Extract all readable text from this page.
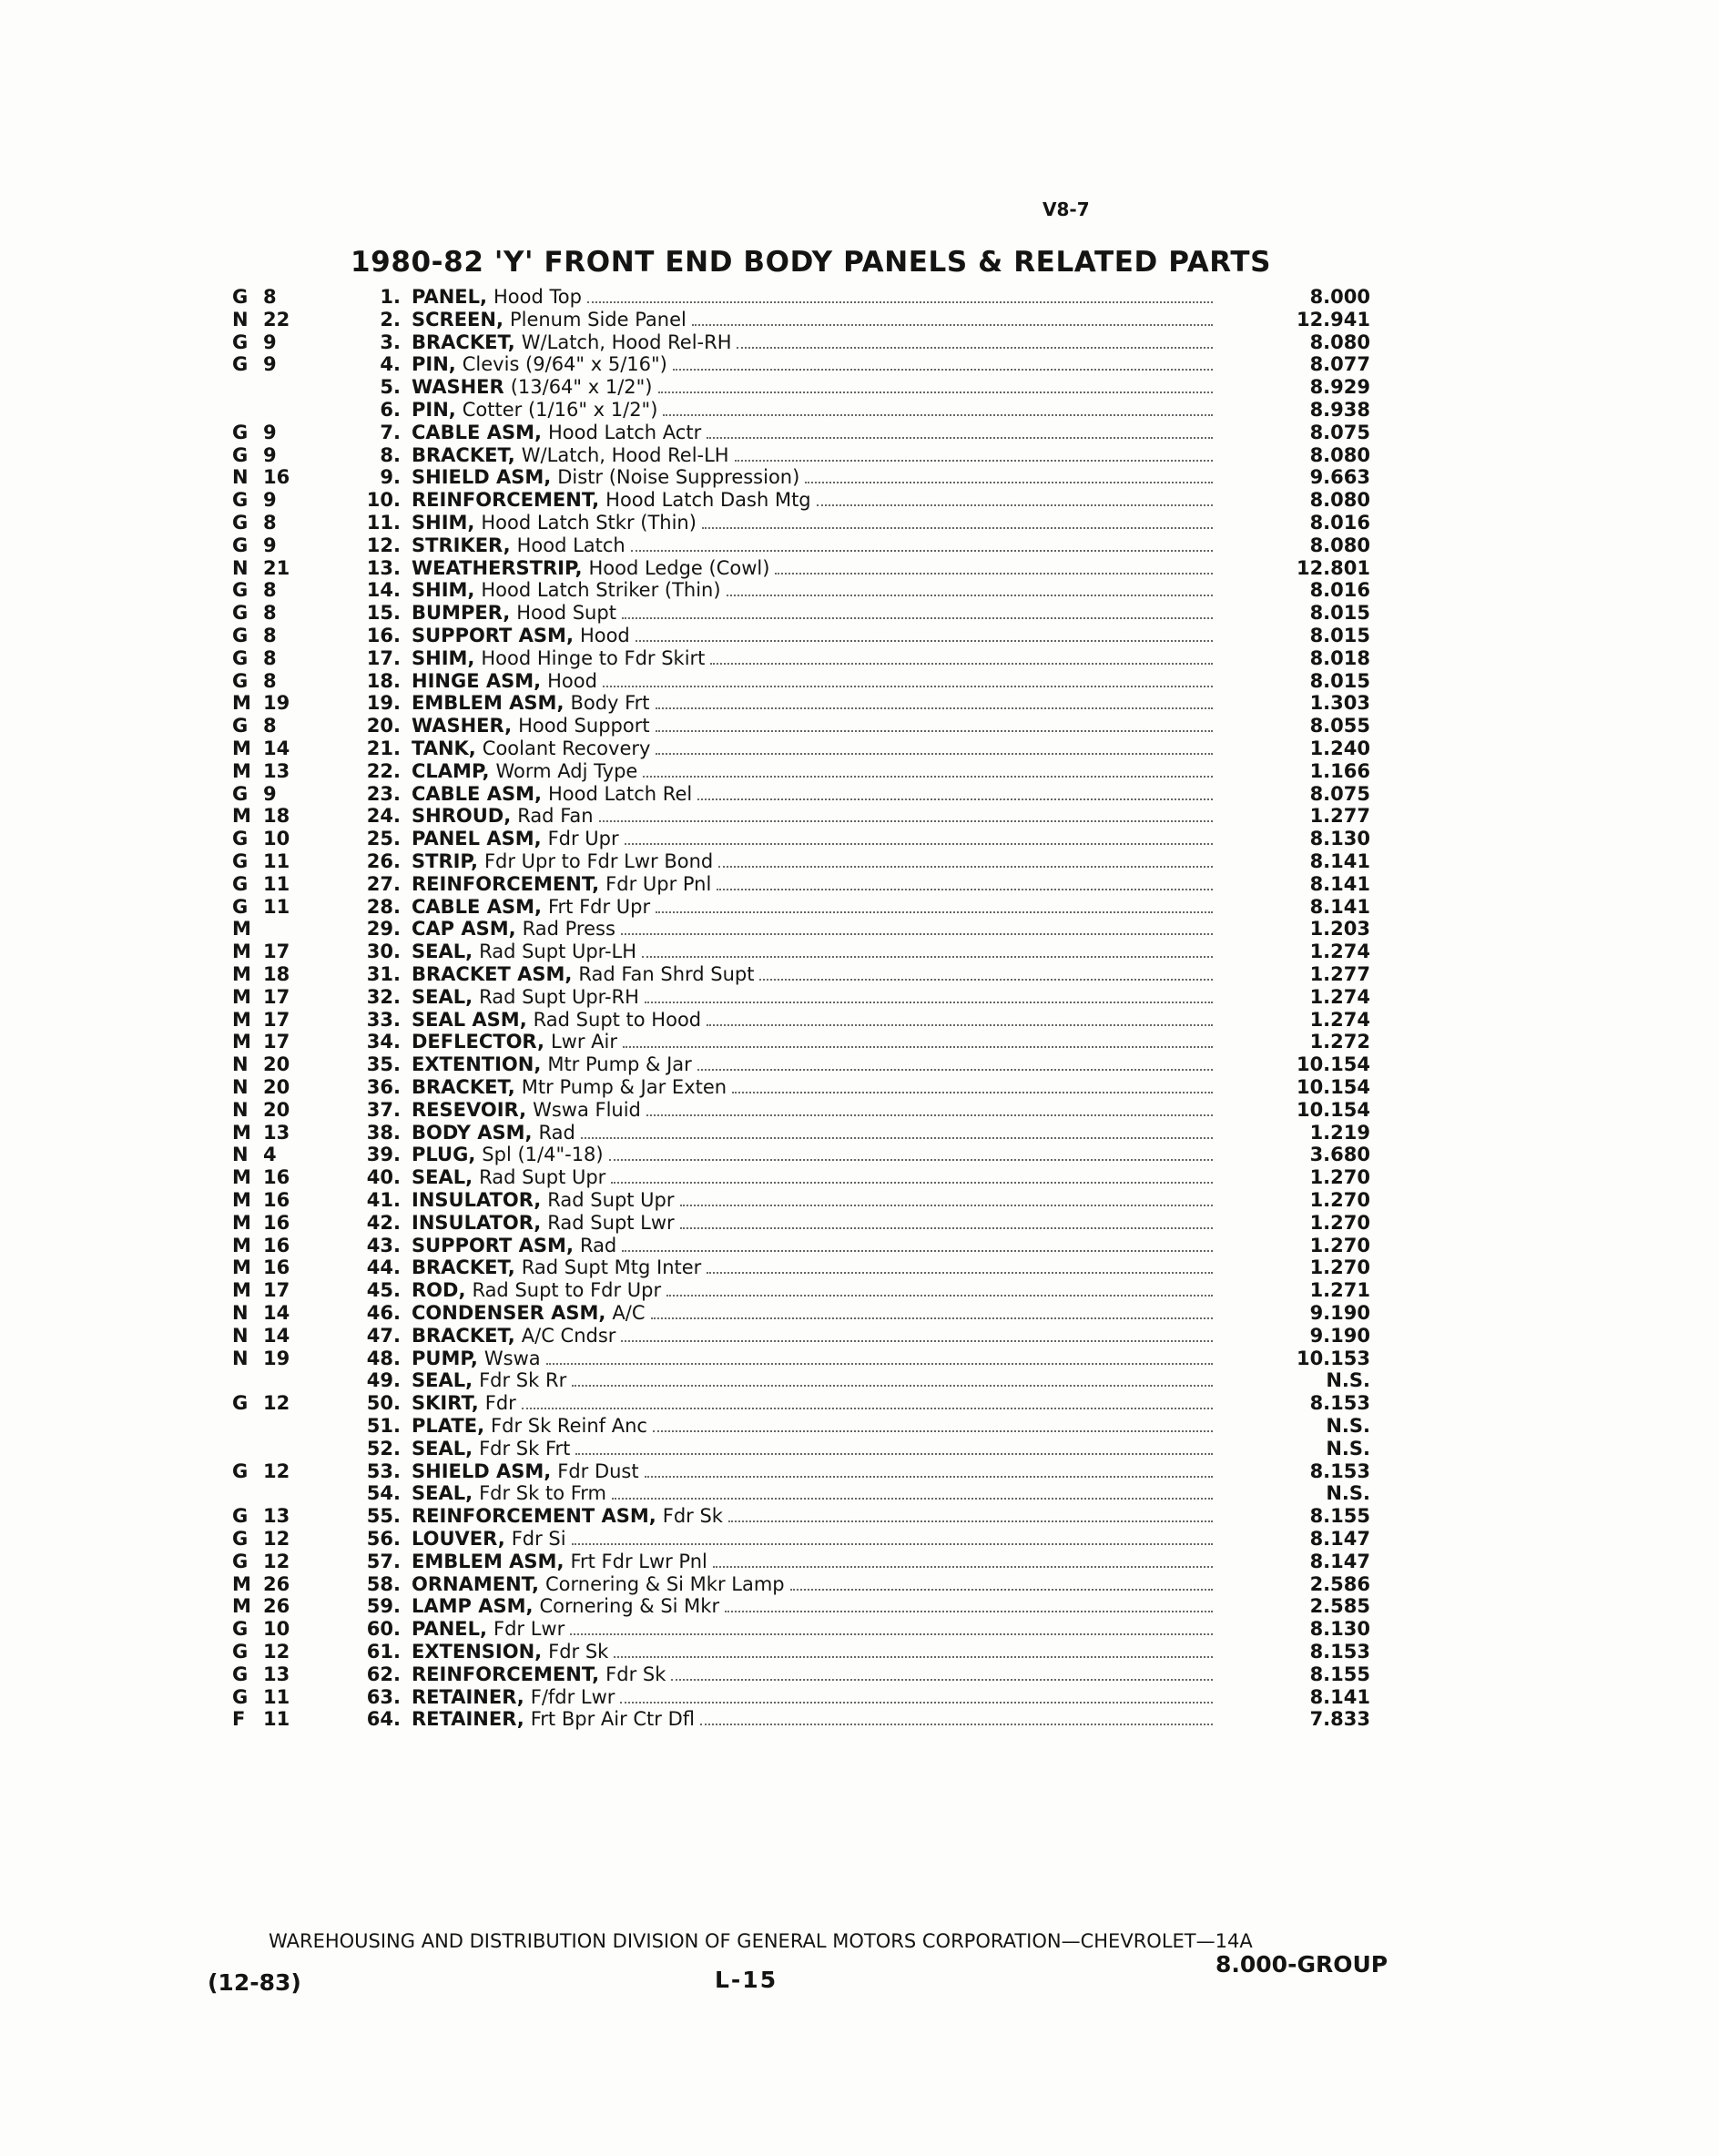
V8-7
1980-82 'Y' FRONT END BODY PANELS & RELATED PARTS
G 8	1. PANEL, Hood Top	8.000
N 22	2. SCREEN, Plenum Side Panel	12.941
G 9	3. BRACKET, W/Latch, Hood Rel-RH	8.080
G 9	4. PIN, Clevis (9/64" x 5/16")	8.077
5. WASHER (13/64" x 1/2")	8.929
6. PIN, Cotter (1/16" x 1/2")	8.938
G 9	7. CABLE ASM, Hood Latch Actr	8.075
G 9	8. BRACKET, W/Latch, Hood Rel-LH	8.080
N 16	9. SHIELD ASM, Distr (Noise Suppression)	9.663
G 9	10. REINFORCEMENT, Hood Latch Dash Mtg	8.080
G 8	11. SHIM, Hood Latch Stkr (Thin)	8.016
G 9	12. STRIKER, Hood Latch	8.080
N 21	13. WEATHERSTRIP, Hood Ledge (Cowl)	12.801
G 8	14. SHIM, Hood Latch Striker (Thin)	8.016
G 8	15. BUMPER, Hood Supt	8.015
G 8	16. SUPPORT ASM, Hood	8.015
G 8	17. SHIM, Hood Hinge to Fdr Skirt	8.018
G 8	18. HINGE ASM, Hood	8.015
M 19	19. EMBLEM ASM, Body Frt	1.303
G 8	20. WASHER, Hood Support	8.055
M 14	21. TANK, Coolant Recovery	1.240
M 13	22. CLAMP, Worm Adj Type	1.166
G 9	23. CABLE ASM, Hood Latch Rel	8.075
M 18	24. SHROUD, Rad Fan	1.277
G 10	25. PANEL ASM, Fdr Upr	8.130
G 11	26. STRIP, Fdr Upr to Fdr Lwr Bond	8.141
G 11	27. REINFORCEMENT, Fdr Upr Pnl	8.141
G 11	28. CABLE ASM, Frt Fdr Upr	8.141
M	29. CAP ASM, Rad Press	1.203
M 17	30. SEAL, Rad Supt Upr-LH	1.274
M 18	31. BRACKET ASM, Rad Fan Shrd Supt	1.277
M 17	32. SEAL, Rad Supt Upr-RH	1.274
M 17	33. SEAL ASM, Rad Supt to Hood	1.274
M 17	34. DEFLECTOR, Lwr Air	1.272
N 20	35. EXTENTION, Mtr Pump & Jar	10.154
N 20	36. BRACKET, Mtr Pump & Jar Exten	10.154
N 20	37. RESEVOIR, Wswa Fluid	10.154
M 13	38. BODY ASM, Rad	1.219
N 4	39. PLUG, Spl (1/4"-18)	3.680
M 16	40. SEAL, Rad Supt Upr	1.270
M 16	41. INSULATOR, Rad Supt Upr	1.270
M 16	42. INSULATOR, Rad Supt Lwr	1.270
M 16	43. SUPPORT ASM, Rad	1.270
M 16	44. BRACKET, Rad Supt Mtg Inter	1.270
M 17	45. ROD, Rad Supt to Fdr Upr	1.271
N 14	46. CONDENSER ASM, A/C	9.190
N 14	47. BRACKET, A/C Cndsr	9.190
N 19	48. PUMP, Wswa	10.153
49. SEAL, Fdr Sk Rr	N.S.
G 12	50. SKIRT, Fdr	8.153
51. PLATE, Fdr Sk Reinf Anc	N.S.
52. SEAL, Fdr Sk Frt	N.S.
G 12	53. SHIELD ASM, Fdr Dust	8.153
54. SEAL, Fdr Sk to Frm	N.S.
G 13	55. REINFORCEMENT ASM, Fdr Sk	8.155
G 12	56. LOUVER, Fdr Si	8.147
G 12	57. EMBLEM ASM, Frt Fdr Lwr Pnl	8.147
M 26	58. ORNAMENT, Cornering & Si Mkr Lamp	2.586
M 26	59. LAMP ASM, Cornering & Si Mkr	2.585
G 10	60. PANEL, Fdr Lwr	8.130
G 12	61. EXTENSION, Fdr Sk	8.153
G 13	62. REINFORCEMENT, Fdr Sk	8.155
G 11	63. RETAINER, F/fdr Lwr	8.141
F 11	64. RETAINER, Frt Bpr Air Ctr Dfl	7.833
WAREHOUSING AND DISTRIBUTION DIVISION OF GENERAL MOTORS CORPORATION—CHEVROLET—14A
(12-83)	L-15
8.000-GROUP
